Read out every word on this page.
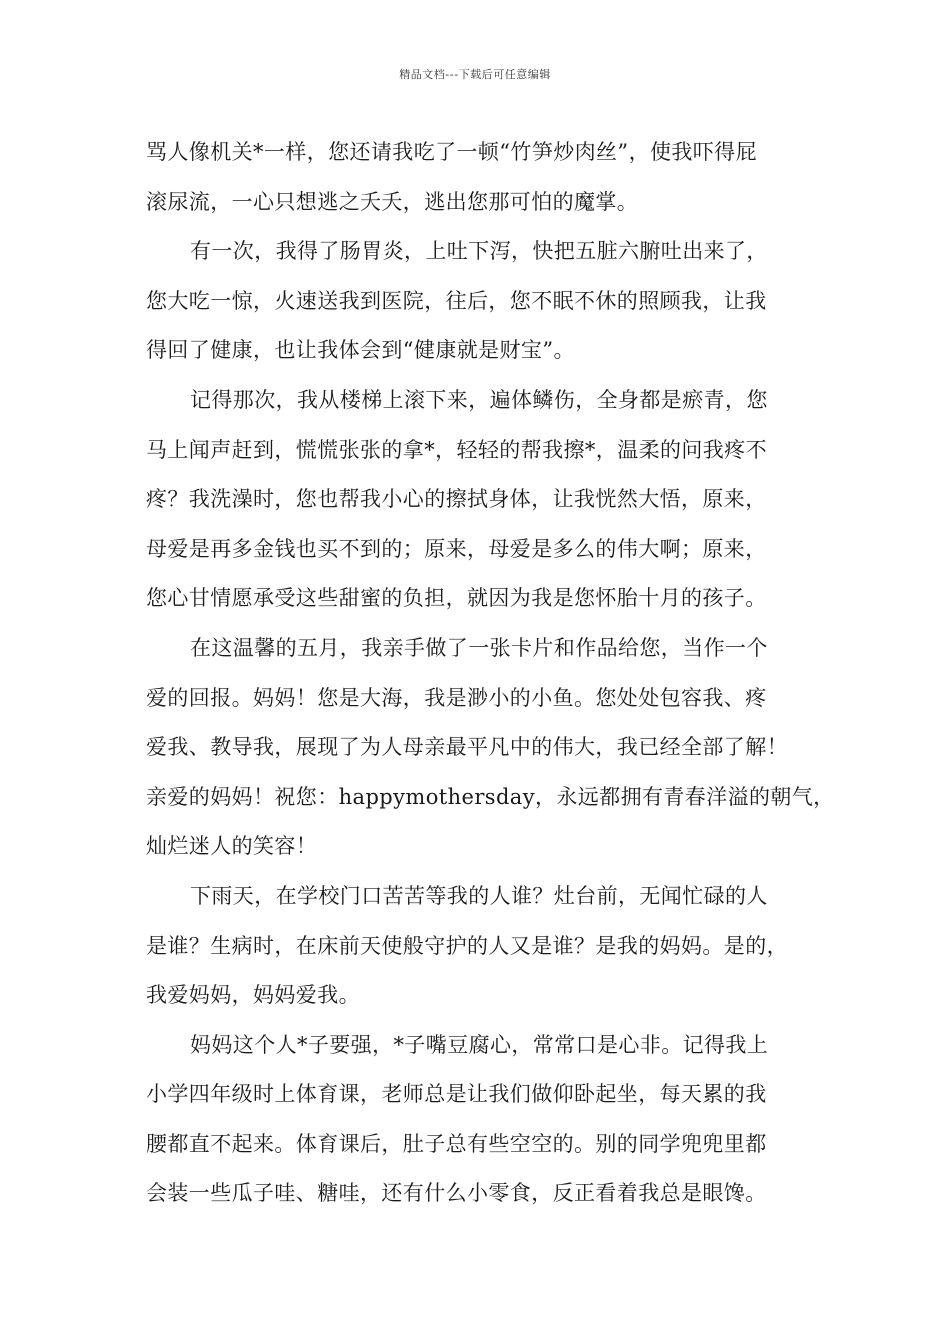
精品文档---下载后可任意编辑
骂人像机关*一样，您还请我吃了一顿“竹笋炒肉丝”，使我吓得屁
滚尿流，一心只想逃之夭夭，逃出您那可怕的魔掌。
有一次，我得了肠胃炎，上吐下泻，快把五脏六腑吐出来了，
您大吃一惊，火速送我到医院，往后，您不眠不休的照顾我，让我
得回了健康，也让我体会到“健康就是财宝”。
记得那次，我从楼梯上滚下来，遍体鳞伤，全身都是瘀青，您
马上闻声赶到，慌慌张张的拿*，轻轻的帮我擦*，温柔的问我疼不
疼？我洗澡时，您也帮我小心的擦拭身体，让我恍然大悟，原来，
母爱是再多金钱也买不到的；原来，母爱是多么的伟大啊；原来，
您心甘情愿承受这些甜蜜的负担，就因为我是您怀胎十月的孩子。
在这温馨的五月，我亲手做了一张卡片和作品给您，当作一个
爱的回报。妈妈！您是大海，我是渺小的小鱼。您处处包容我、疼
爱我、教导我，展现了为人母亲最平凡中的伟大，我已经全部了解！
亲爱的妈妈！祝您：happymothersday，永远都拥有青春洋溢的朝气，
灿烂迷人的笑容！
下雨天，在学校门口苦苦等我的人谁？灶台前，无闻忙碌的人
是谁？生病时，在床前天使般守护的人又是谁？是我的妈妈。是的，
我爱妈妈，妈妈爱我。
妈妈这个人*子要强，*子嘴豆腐心，常常口是心非。记得我上
小学四年级时上体育课，老师总是让我们做仰卧起坐，每天累的我
腰都直不起来。体育课后，肚子总有些空空的。别的同学兜兜里都
会装一些瓜子哇、糖哇，还有什么小零食，反正看着我总是眼馋。
